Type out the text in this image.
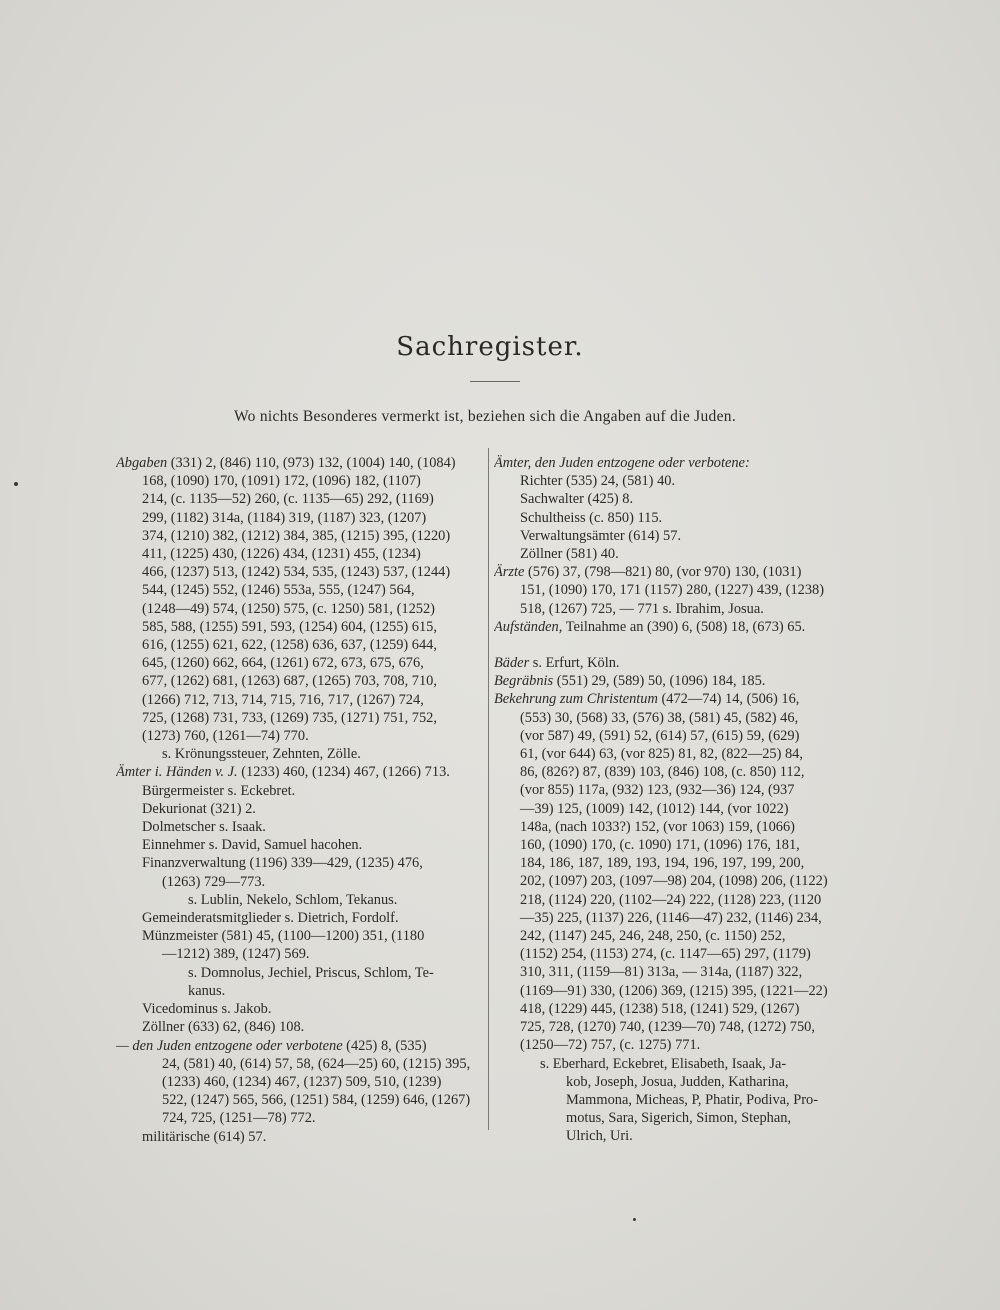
Sachregister.
Wo nichts Besonderes vermerkt ist, beziehen sich die Angaben auf die Juden.
Abgaben (331) 2, (846) 110, (973) 132, (1004) 140, (1084)
168, (1090) 170, (1091) 172, (1096) 182, (1107)
214, (c. 1135—52) 260, (c. 1135—65) 292, (1169)
299, (1182) 314a, (1184) 319, (1187) 323, (1207)
374, (1210) 382, (1212) 384, 385, (1215) 395, (1220)
411, (1225) 430, (1226) 434, (1231) 455, (1234)
466, (1237) 513, (1242) 534, 535, (1243) 537, (1244)
544, (1245) 552, (1246) 553a, 555, (1247) 564,
(1248—49) 574, (1250) 575, (c. 1250) 581, (1252)
585, 588, (1255) 591, 593, (1254) 604, (1255) 615,
616, (1255) 621, 622, (1258) 636, 637, (1259) 644,
645, (1260) 662, 664, (1261) 672, 673, 675, 676,
677, (1262) 681, (1263) 687, (1265) 703, 708, 710,
(1266) 712, 713, 714, 715, 716, 717, (1267) 724,
725, (1268) 731, 733, (1269) 735, (1271) 751, 752,
(1273) 760, (1261—74) 770.
s. Krönungssteuer, Zehnten, Zölle.
Ämter i. Händen v. J. (1233) 460, (1234) 467, (1266) 713.
Bürgermeister s. Eckebret.
Dekurionat (321) 2.
Dolmetscher s. Isaak.
Einnehmer s. David, Samuel hacohen.
Finanzverwaltung (1196) 339—429, (1235) 476,
(1263) 729—773.
s. Lublin, Nekelo, Schlom, Tekanus.
Gemeinderatsmitglieder s. Dietrich, Fordolf.
Münzmeister (581) 45, (1100—1200) 351, (1180
—1212) 389, (1247) 569.
s. Domnolus, Jechiel, Priscus, Schlom, Te-
kanus.
Vicedominus s. Jakob.
Zöllner (633) 62, (846) 108.
— den Juden entzogene oder verbotene (425) 8, (535)
24, (581) 40, (614) 57, 58, (624—25) 60, (1215) 395,
(1233) 460, (1234) 467, (1237) 509, 510, (1239)
522, (1247) 565, 566, (1251) 584, (1259) 646, (1267)
724, 725, (1251—78) 772.
militärische (614) 57.
Ämter, den Juden entzogene oder verbotene:
Richter (535) 24, (581) 40.
Sachwalter (425) 8.
Schultheiss (c. 850) 115.
Verwaltungsämter (614) 57.
Zöllner (581) 40.
Ärzte (576) 37, (798—821) 80, (vor 970) 130, (1031)
151, (1090) 170, 171 (1157) 280, (1227) 439, (1238)
518, (1267) 725, — 771 s. Ibrahim, Josua.
Aufständen, Teilnahme an (390) 6, (508) 18, (673) 65.
Bäder s. Erfurt, Köln.
Begräbnis (551) 29, (589) 50, (1096) 184, 185.
Bekehrung zum Christentum (472—74) 14, (506) 16,
(553) 30, (568) 33, (576) 38, (581) 45, (582) 46,
(vor 587) 49, (591) 52, (614) 57, (615) 59, (629)
61, (vor 644) 63, (vor 825) 81, 82, (822—25) 84,
86, (826?) 87, (839) 103, (846) 108, (c. 850) 112,
(vor 855) 117a, (932) 123, (932—36) 124, (937
—39) 125, (1009) 142, (1012) 144, (vor 1022)
148a, (nach 1033?) 152, (vor 1063) 159, (1066)
160, (1090) 170, (c. 1090) 171, (1096) 176, 181,
184, 186, 187, 189, 193, 194, 196, 197, 199, 200,
202, (1097) 203, (1097—98) 204, (1098) 206, (1122)
218, (1124) 220, (1102—24) 222, (1128) 223, (1120
—35) 225, (1137) 226, (1146—47) 232, (1146) 234,
242, (1147) 245, 246, 248, 250, (c. 1150) 252,
(1152) 254, (1153) 274, (c. 1147—65) 297, (1179)
310, 311, (1159—81) 313a, — 314a, (1187) 322,
(1169—91) 330, (1206) 369, (1215) 395, (1221—22)
418, (1229) 445, (1238) 518, (1241) 529, (1267)
725, 728, (1270) 740, (1239—70) 748, (1272) 750,
(1250—72) 757, (c. 1275) 771.
s. Eberhard, Eckebret, Elisabeth, Isaak, Ja-
kob, Joseph, Josua, Judden, Katharina,
Mammona, Micheas, P, Phatir, Podiva, Pro-
motus, Sara, Sigerich, Simon, Stephan,
Ulrich, Uri.
